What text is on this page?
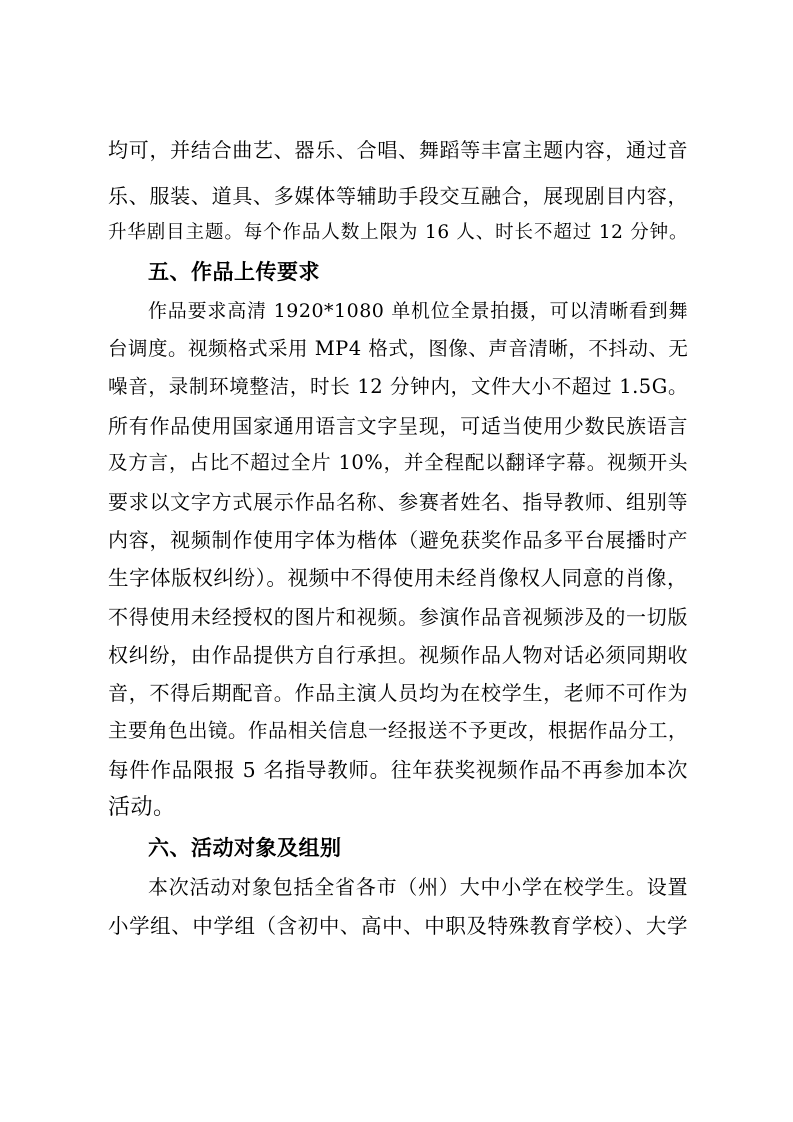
均可，并结合曲艺、器乐、合唱、舞蹈等丰富主题内容，通过音
乐、服装、道具、多媒体等辅助手段交互融合，展现剧目内容，
升华剧目主题。每个作品人数上限为 16 人、时长不超过 12 分钟。
五、作品上传要求
作品要求高清 1920*1080 单机位全景拍摄，可以清晰看到舞
台调度。视频格式采用 MP4 格式，图像、声音清晰，不抖动、无
噪音，录制环境整洁，时长 12 分钟内，文件大小不超过 1.5G。
所有作品使用国家通用语言文字呈现，可适当使用少数民族语言
及方言，占比不超过全片 10%，并全程配以翻译字幕。视频开头
要求以文字方式展示作品名称、参赛者姓名、指导教师、组别等
内容，视频制作使用字体为楷体（避免获奖作品多平台展播时产
生字体版权纠纷）。视频中不得使用未经肖像权人同意的肖像，
不得使用未经授权的图片和视频。参演作品音视频涉及的一切版
权纠纷，由作品提供方自行承担。视频作品人物对话必须同期收
音，不得后期配音。作品主演人员均为在校学生，老师不可作为
主要角色出镜。作品相关信息一经报送不予更改，根据作品分工，
每件作品限报 5 名指导教师。往年获奖视频作品不再参加本次
活动。
六、活动对象及组别
本次活动对象包括全省各市（州）大中小学在校学生。设置
小学组、中学组（含初中、高中、中职及特殊教育学校）、大学
